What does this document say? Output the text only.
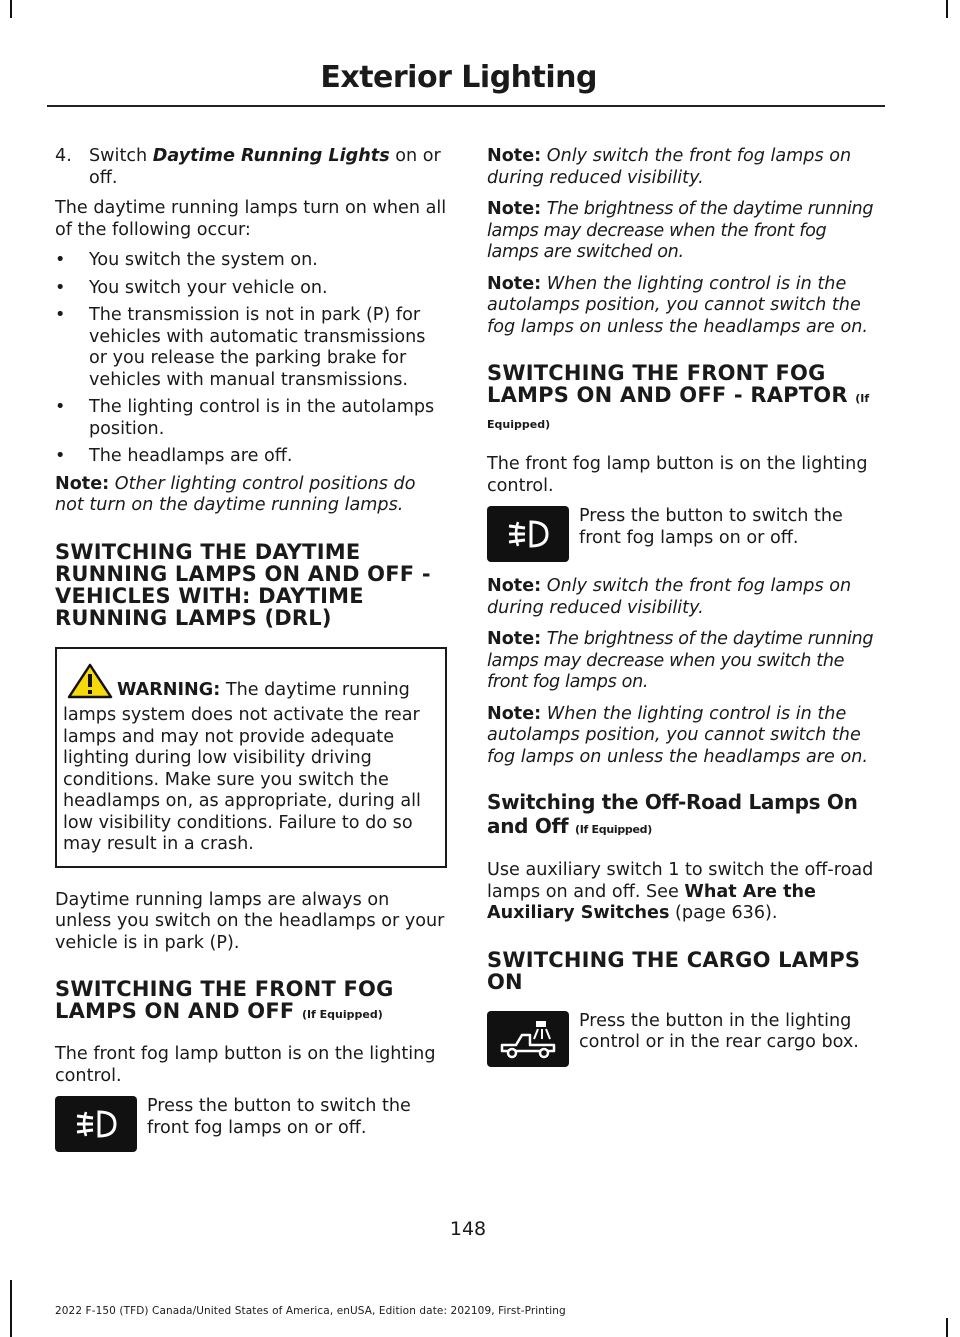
Exterior Lighting

4. Switch Daytime Running Lights on or off.

The daytime running lamps turn on when all of the following occur:

•	You switch the system on.

•	You switch your vehicle on.

•	The transmission is not in park (P) for vehicles with automatic transmissions or you release the parking brake for vehicles with manual transmissions.

•	The lighting control is in the autolamps position.

•	The headlamps are off.

Note: Other lighting control positions do not turn on the daytime running lamps.

SWITCHING THE DAYTIME RUNNING LAMPS ON AND OFF - VEHICLES WITH: DAYTIME RUNNING LAMPS (DRL)

WARNING: The daytime running lamps system does not activate the rear lamps and may not provide adequate lighting during low visibility driving conditions. Make sure you switch the headlamps on, as appropriate, during all low visibility conditions. Failure to do so may result in a crash.

Daytime running lamps are always on unless you switch on the headlamps or your vehicle is in park (P).

SWITCHING THE FRONT FOG LAMPS ON AND OFF (If Equipped)

The front fog lamp button is on the lighting control.

Press the button to switch the front fog lamps on or off.

Note: Only switch the front fog lamps on during reduced visibility.

Note: The brightness of the daytime running lamps may decrease when the front fog lamps are switched on.

Note: When the lighting control is in the autolamps position, you cannot switch the fog lamps on unless the headlamps are on.

SWITCHING THE FRONT FOG LAMPS ON AND OFF - RAPTOR (If Equipped)

The front fog lamp button is on the lighting control.

Press the button to switch the front fog lamps on or off.

Note: Only switch the front fog lamps on during reduced visibility.

Note: The brightness of the daytime running lamps may decrease when you switch the front fog lamps on.

Note: When the lighting control is in the autolamps position, you cannot switch the fog lamps on unless the headlamps are on.

Switching the Off-Road Lamps On and Off (If Equipped)

Use auxiliary switch 1 to switch the off-road lamps on and off. See What Are the Auxiliary Switches (page 636).

SWITCHING THE CARGO LAMPS ON

Press the button in the lighting control or in the rear cargo box.

148
2022 F-150 (TFD) Canada/United States of America, enUSA, Edition date: 202109, First-Printing
